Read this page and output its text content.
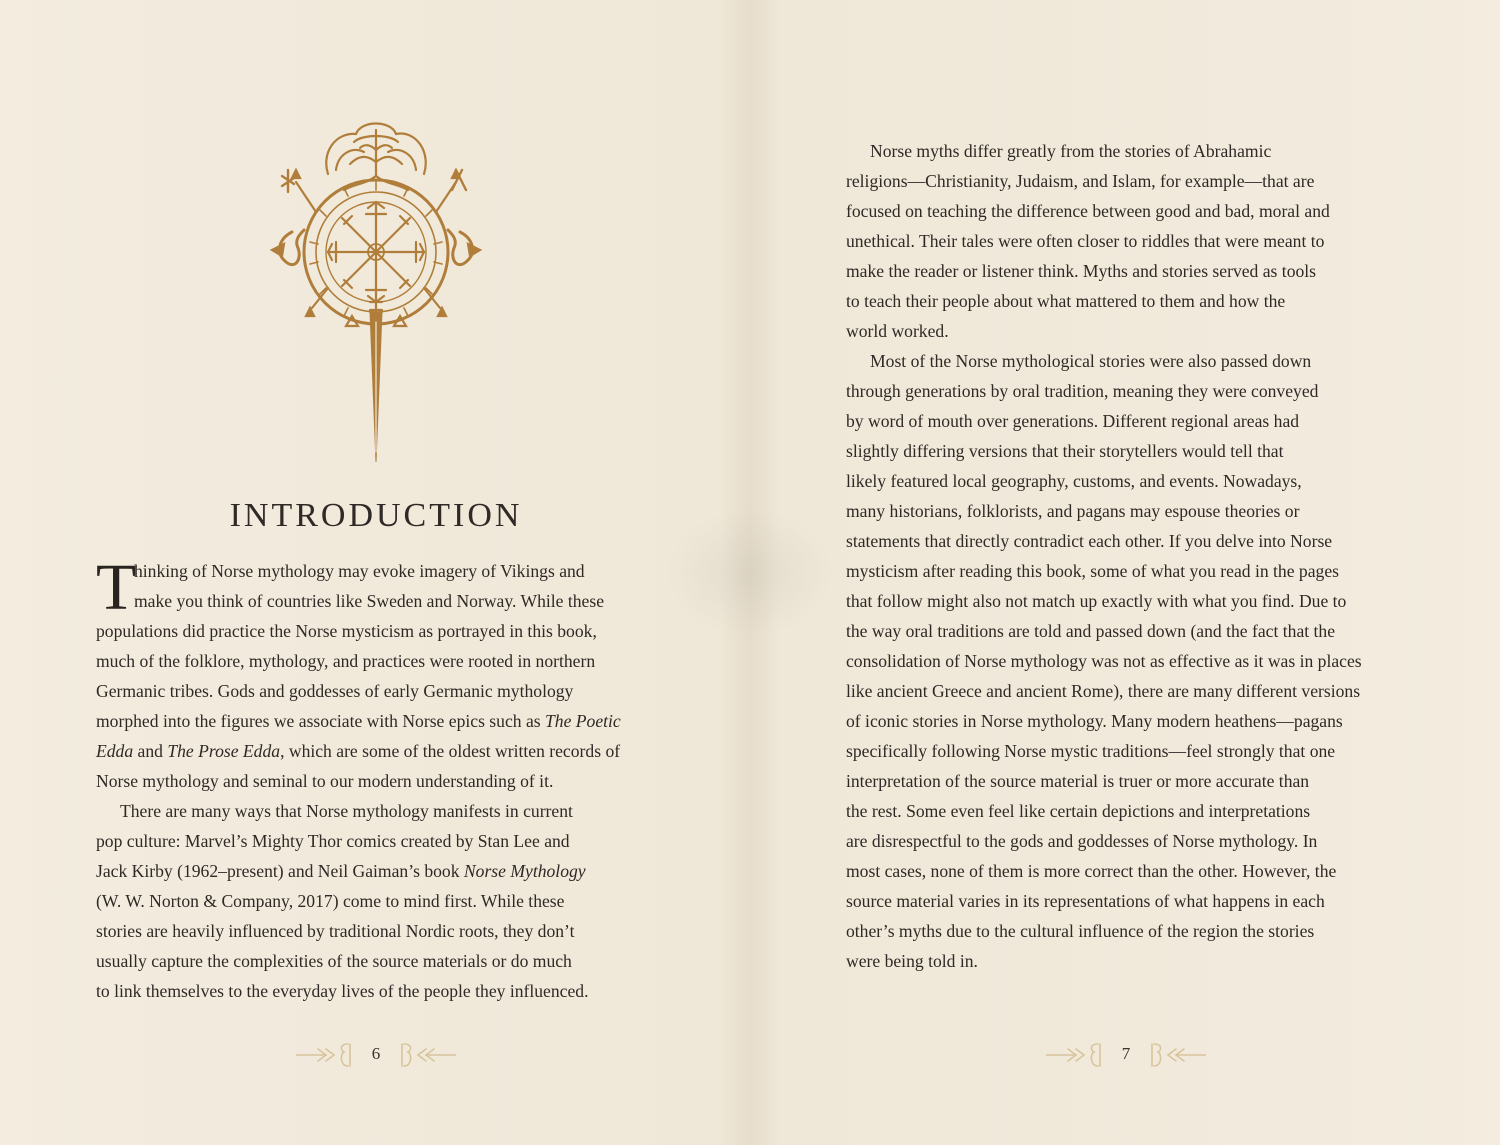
INTRODUCTION
T
hinking of Norse mythology may evoke imagery of Vikings and
make you think of countries like Sweden and Norway. While these
populations did practice the Norse mysticism as portrayed in this book,
much of the folklore, mythology, and practices were rooted in northern
Germanic tribes. Gods and goddesses of early Germanic mythology
morphed into the figures we associate with Norse epics such as The Poetic
Edda and The Prose Edda, which are some of the oldest written records of
Norse mythology and seminal to our modern understanding of it.
There are many ways that Norse mythology manifests in current
pop culture: Marvel’s Mighty Thor comics created by Stan Lee and
Jack Kirby (1962–present) and Neil Gaiman’s book Norse Mythology
(W. W. Norton & Company, 2017) come to mind first. While these
stories are heavily influenced by traditional Nordic roots, they don’t
usually capture the complexities of the source materials or do much
to link themselves to the everyday lives of the people they influenced.
6
Norse myths differ greatly from the stories of Abrahamic
religions—Christianity, Judaism, and Islam, for example—that are
focused on teaching the difference between good and bad, moral and
unethical. Their tales were often closer to riddles that were meant to
make the reader or listener think. Myths and stories served as tools
to teach their people about what mattered to them and how the
world worked.
Most of the Norse mythological stories were also passed down
through generations by oral tradition, meaning they were conveyed
by word of mouth over generations. Different regional areas had
slightly differing versions that their storytellers would tell that
likely featured local geography, customs, and events. Nowadays,
many historians, folklorists, and pagans may espouse theories or
statements that directly contradict each other. If you delve into Norse
mysticism after reading this book, some of what you read in the pages
that follow might also not match up exactly with what you find. Due to
the way oral traditions are told and passed down (and the fact that the
consolidation of Norse mythology was not as effective as it was in places
like ancient Greece and ancient Rome), there are many different versions
of iconic stories in Norse mythology. Many modern heathens—pagans
specifically following Norse mystic traditions—feel strongly that one
interpretation of the source material is truer or more accurate than
the rest. Some even feel like certain depictions and interpretations
are disrespectful to the gods and goddesses of Norse mythology. In
most cases, none of them is more correct than the other. However, the
source material varies in its representations of what happens in each
other’s myths due to the cultural influence of the region the stories
were being told in.
7
